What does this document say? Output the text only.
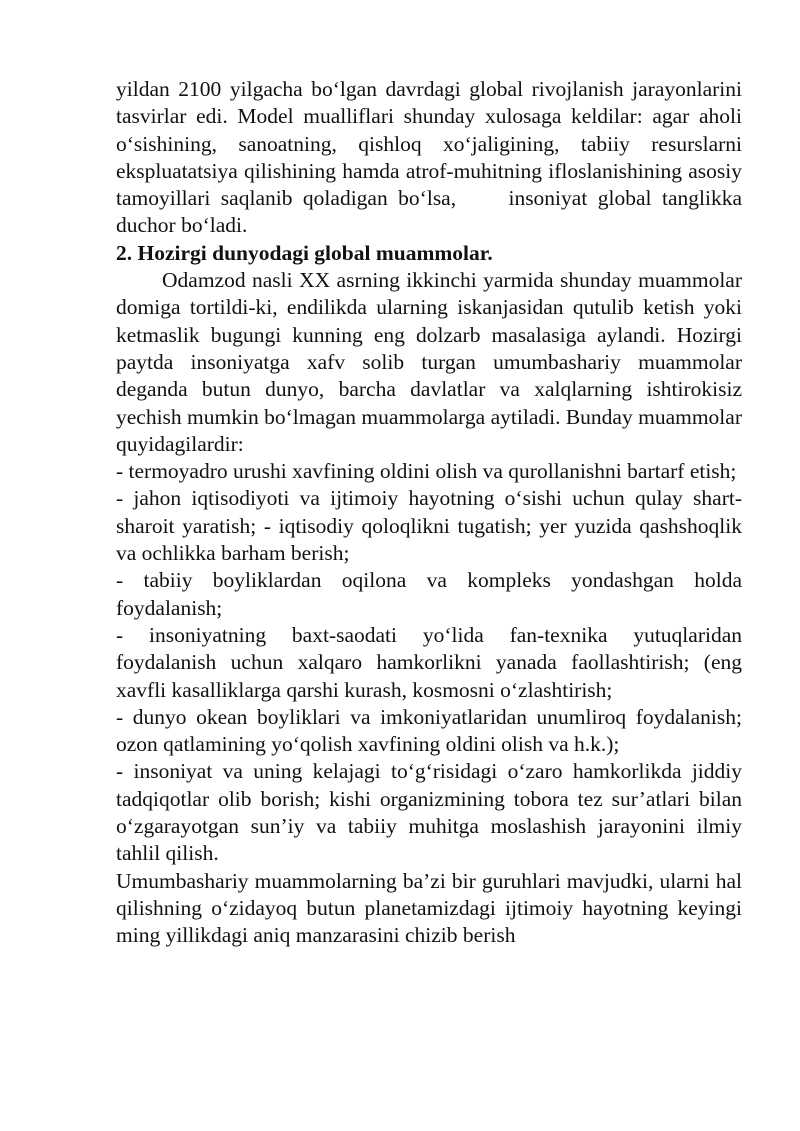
yildan 2100 yilgacha bo‘lgan davrdagi global rivojlanish jarayonlarini tasvirlar edi. Model mualliflari shunday xulosaga keldilar: agar aholi o‘sishining, sanoatning, qishloq xo‘jaligining, tabiiy resurslarni ekspluatatsiya qilishining hamda atrof-muhitning ifloslanishining asosiy tamoyillari saqlanib qoladigan bo‘lsa,     insoniyat global tanglikka duchor bo‘ladi.

2. Hozirgi dunyodagi global muammolar.

Odamzod nasli XX asrning ikkinchi yarmida shunday muammolar domiga tortildi-ki, endilikda ularning iskanjasidan qutulib ketish yoki ketmaslik bugungi kunning eng dolzarb masalasiga aylandi. Hozirgi paytda insoniyatga xafv solib turgan umumbashariy muammolar deganda butun dunyo, barcha davlatlar va xalqlarning ishtirokisiz yechish mumkin bo‘lmagan muammolarga aytiladi. Bunday muammolar quyidagilardir:

- termoyadro urushi xavfining oldini olish va qurollanishni bartarf etish;

- jahon iqtisodiyoti va ijtimoiy hayotning o‘sishi uchun qulay shart-sharoit yaratish; - iqtisodiy qoloqlikni tugatish; yer yuzida qashshoqlik va ochlikka barham berish;

- tabiiy boyliklardan oqilona va kompleks yondashgan holda foydalanish;

- insoniyatning baxt-saodati yo‘lida fan-texnika yutuqlaridan foydalanish uchun xalqaro hamkorlikni yanada faollashtirish; (eng xavfli kasalliklarga qarshi kurash, kosmosni o‘zlashtirish;

- dunyo okean boyliklari va imkoniyatlaridan unumliroq foydalanish; ozon qatlamining yo‘qolish xavfining oldini olish va h.k.);

- insoniyat va uning kelajagi to‘g‘risidagi o‘zaro hamkorlikda jiddiy tadqiqotlar olib borish; kishi organizmining tobora tez sur’atlari bilan o‘zgarayotgan sun’iy va tabiiy muhitga moslashish jarayonini ilmiy tahlil qilish.

Umumbashariy muammolarning ba’zi bir guruhlari mavjudki, ularni hal qilishning o‘zidayoq butun planetamizdagi ijtimoiy hayotning keyingi ming yillikdagi aniq manzarasini chizib berish
